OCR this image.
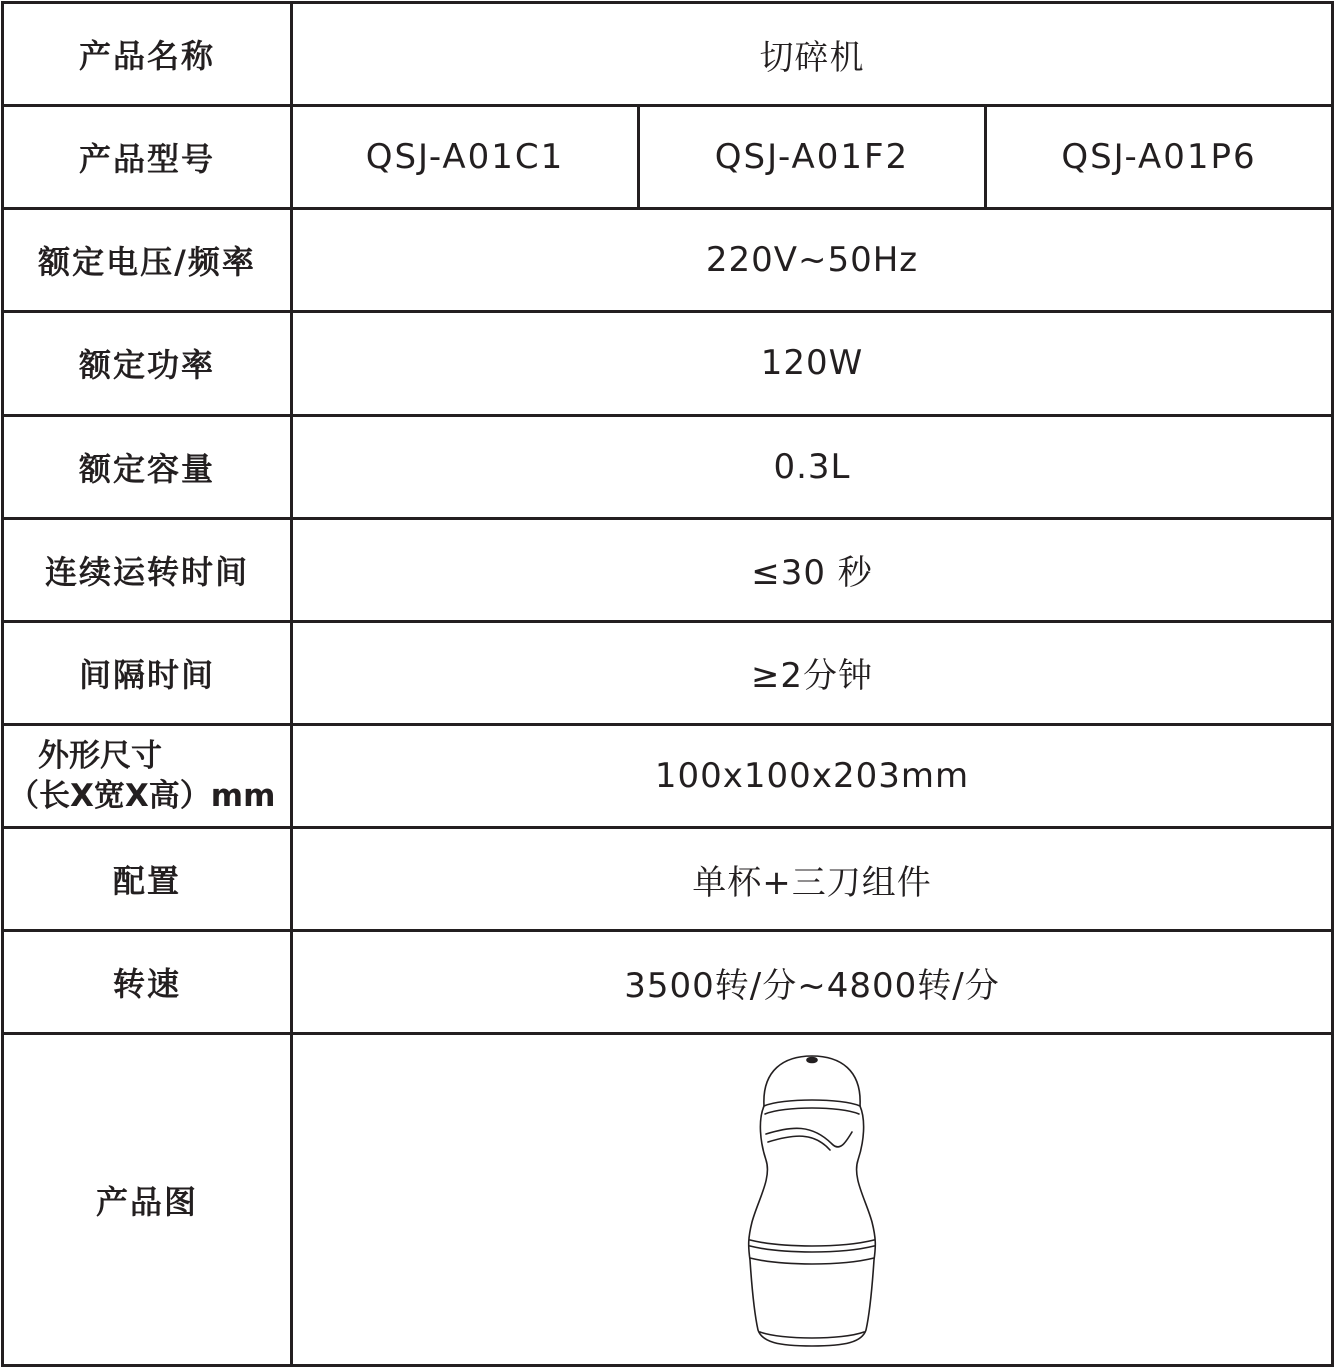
产品名称	切碎机		
产品型号	QSJ-A01C1	QSJ-A01F2	QSJ-A01P6
额定电压/频率	220V~50Hz		
额定功率	120W		
额定容量	0.3L		
连续运转时间	≤30 秒		
间隔时间	≥2分钟		

外形尺寸
（长X宽X高）mm	100x100x203mm		
配置	单杯+三刀组件		
转速	3500转/分~4800转/分		
产品图	
